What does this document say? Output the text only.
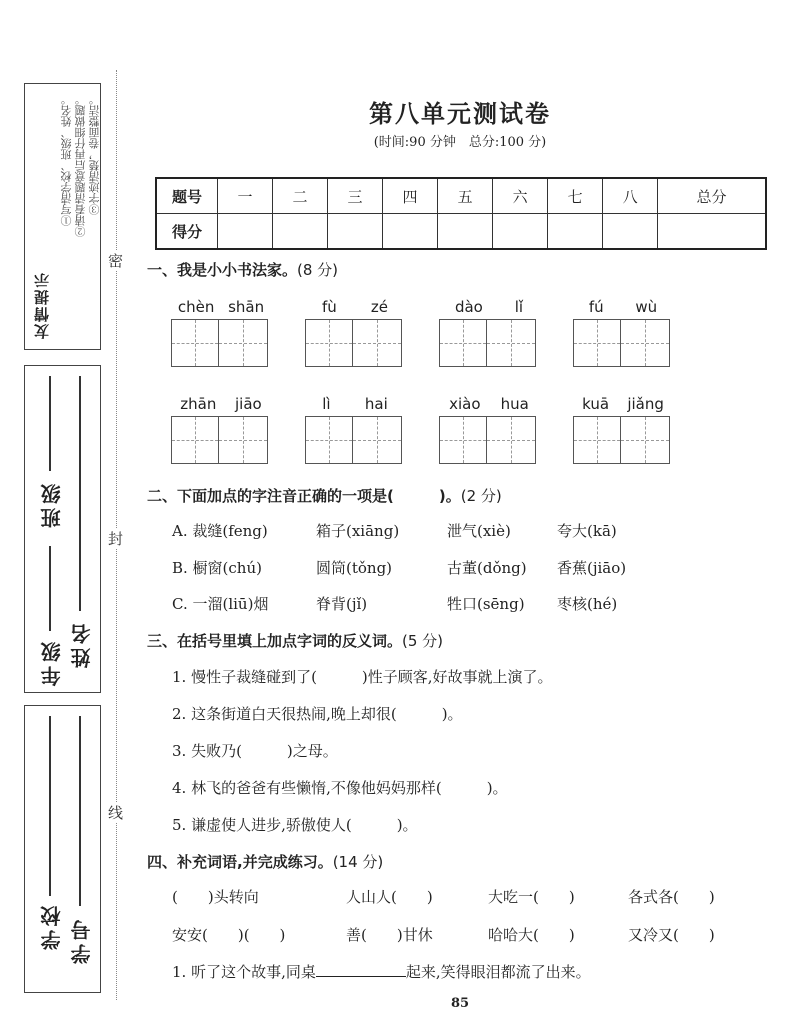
友情提示
①写清学校、班级、姓名。 ②请看清题意后再仔细做题。 ③字迹清楚，卷面整洁。
班级
年级 姓名
学校 学号
密
封
线
第八单元测试卷
(时间:90 分钟　总分:100 分)
题号	一	二	三	四	五	六	七	八	总分
得分									
一、我是小小书法家。(8 分)
chèn shān	fù zé	dào lǐ	fú wù
zhān jiāo	lì hai	xiào hua	kuā jiǎng
二、下面加点的字注音正确的一项是(　　　)。(2 分)
A. 裁缝(feng)	箱子(xiāng)	泄气(xiè)	夸大(kā)
B. 橱窗(chú)	圆筒(tǒng)	古董(dǒng) 香蕉(jiāo)
C. 一溜(liū)烟	脊背(jǐ)	牲口(sēng) 枣核(hé)
三、在括号里填上加点字词的反义词。(5 分)
1. 慢性子裁缝碰到了(　　　)性子顾客,好故事就上演了。
2. 这条街道白天很热闹,晚上却很(　　　)。
3. 失败乃(　　　)之母。
4. 林飞的爸爸有些懒惰,不像他妈妈那样(　　　)。
5. 谦虚使人进步,骄傲使人(　　　)。
四、补充词语,并完成练习。(14 分)
(　　)头转向	人山人(　　)	大吃一(　　)	各式各(　　)
安安(　　)(　　)	善(　　)甘休	哈哈大(　　)	又冷又(　　)
1. 听了这个故事,同桌	起来,笑得眼泪都流了出来。
85
